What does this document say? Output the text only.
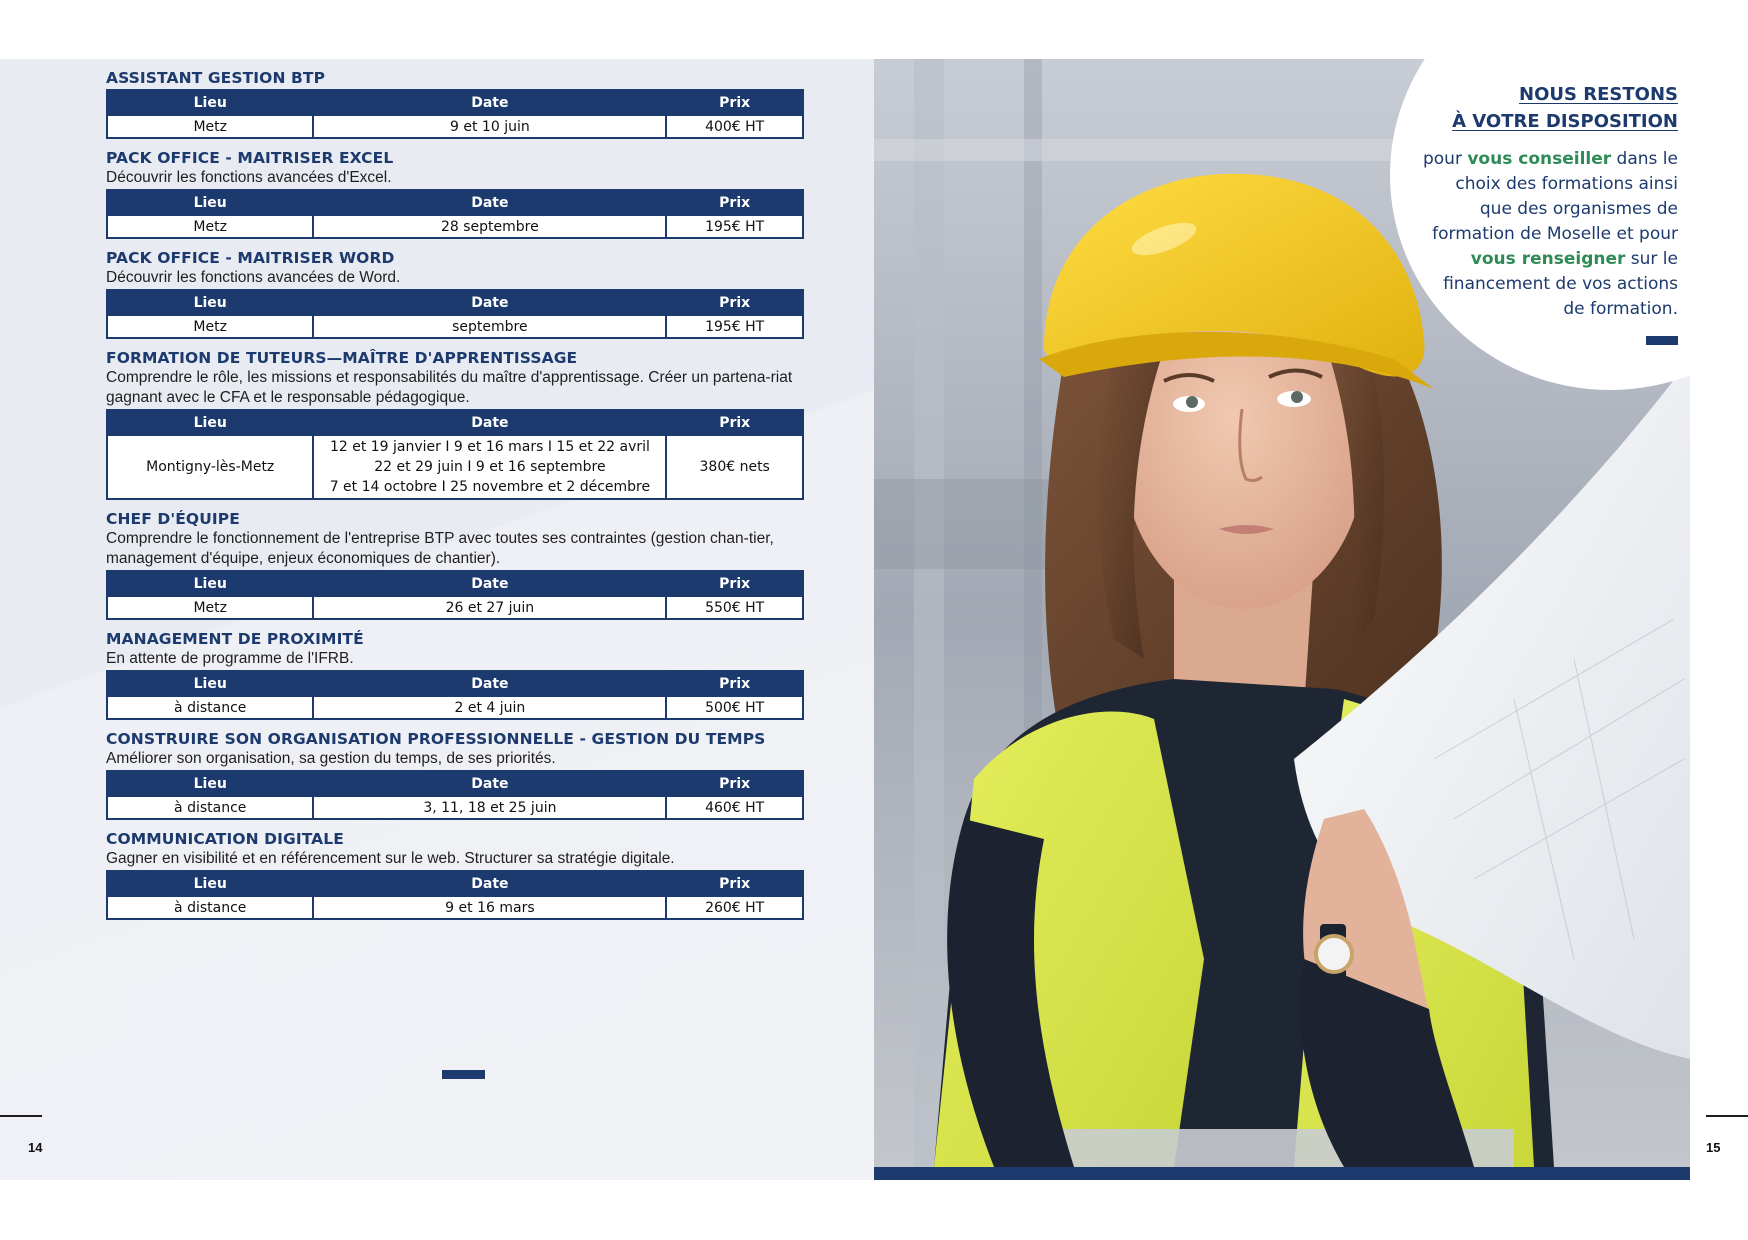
ASSISTANT GESTION BTP

Lieu	Date	Prix
Metz	9 et 10 juin	400€ HT

PACK OFFICE - MAITRISER EXCEL

Découvrir les fonctions avancées d'Excel.

Lieu	Date	Prix
Metz	28 septembre	195€ HT

PACK OFFICE - MAITRISER WORD

Découvrir les fonctions avancées de Word.

Lieu	Date	Prix
Metz	septembre	195€ HT

FORMATION DE TUTEURS—MAÎTRE D'APPRENTISSAGE

Comprendre le rôle, les missions et responsabilités du maître d'apprentissage. Créer un partena-riat gagnant avec le CFA et le responsable pédagogique.

Lieu	Date	Prix
Montigny-lès-Metz	12 et 19 janvier I 9 et 16 mars I 15 et 22 avril
22 et 29 juin I 9 et 16 septembre
7 et 14 octobre I 25 novembre et 2 décembre	380€ nets

CHEF D'ÉQUIPE

Comprendre le fonctionnement de l'entreprise BTP avec toutes ses contraintes (gestion chan-tier, management d'équipe, enjeux économiques de chantier).

Lieu	Date	Prix
Metz	26 et 27 juin	550€ HT

MANAGEMENT DE PROXIMITÉ

En attente de programme de l'IFRB.

Lieu	Date	Prix
à distance	2 et 4 juin	500€ HT

CONSTRUIRE SON ORGANISATION PROFESSIONNELLE - GESTION DU TEMPS

Améliorer son organisation, sa gestion du temps, de ses priorités.

Lieu	Date	Prix
à distance	3, 11, 18 et 25 juin	460€ HT

COMMUNICATION DIGITALE

Gagner en visibilité et en référencement sur le web. Structurer sa stratégie digitale.

Lieu	Date	Prix
à distance	9 et 16 mars	260€ HT
14
NOUS RESTONS
À VOTRE DISPOSITION
pour vous conseiller dans le choix des formations ainsi que des organismes de formation de Moselle et pour vous renseigner sur le financement de vos actions de formation.
15
